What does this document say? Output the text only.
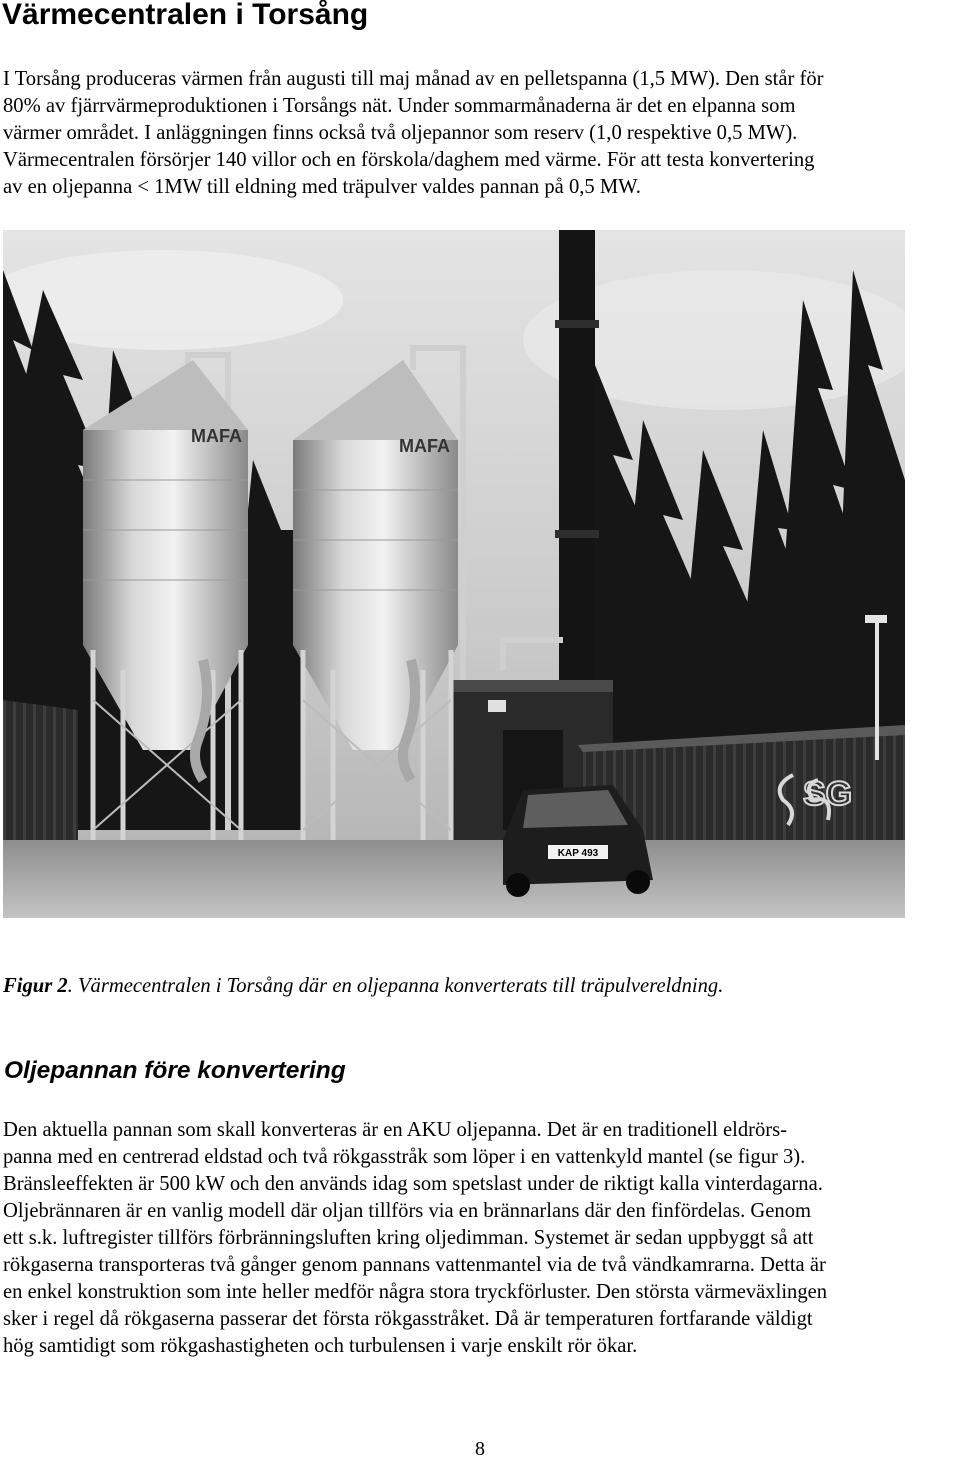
Värmecentralen i Torsång

I Torsång produceras värmen från augusti till maj månad av en pelletspanna (1,5 MW). Den står för
80% av fjärrvärmeproduktionen i Torsångs nät. Under sommarmånaderna är det en elpanna som
värmer området. I anläggningen finns också två oljepannor som reserv (1,0 respektive 0,5 MW).
Värmecentralen försörjer 140 villor och en förskola/daghem med värme. För att testa konvertering
av en oljepanna < 1MW till eldning med träpulver valdes pannan på 0,5 MW.

SG
MAFA	MAFA
KAP 493

Figur 2. Värmecentralen i Torsång där en oljepanna konverterats till träpulvereldning.

Oljepannan före konvertering

Den aktuella pannan som skall konverteras är en AKU oljepanna. Det är en traditionell eldrörs-
panna med en centrerad eldstad och två rökgasstråk som löper i en vattenkyld mantel (se figur 3).
Bränsleeffekten är 500 kW och den används idag som spetslast under de riktigt kalla vinterdagarna.
Oljebrännaren är en vanlig modell där oljan tillförs via en brännarlans där den finfördelas. Genom
ett s.k. luftregister tillförs förbränningsluften kring oljedimman. Systemet är sedan uppbyggt så att
rökgaserna transporteras två gånger genom pannans vattenmantel via de två vändkamrarna. Detta är
en enkel konstruktion som inte heller medför några stora tryckförluster. Den största värmeväxlingen
sker i regel då rökgaserna passerar det första rökgasstråket. Då är temperaturen fortfarande väldigt
hög samtidigt som rökgashastigheten och turbulensen i varje enskilt rör ökar.

8
